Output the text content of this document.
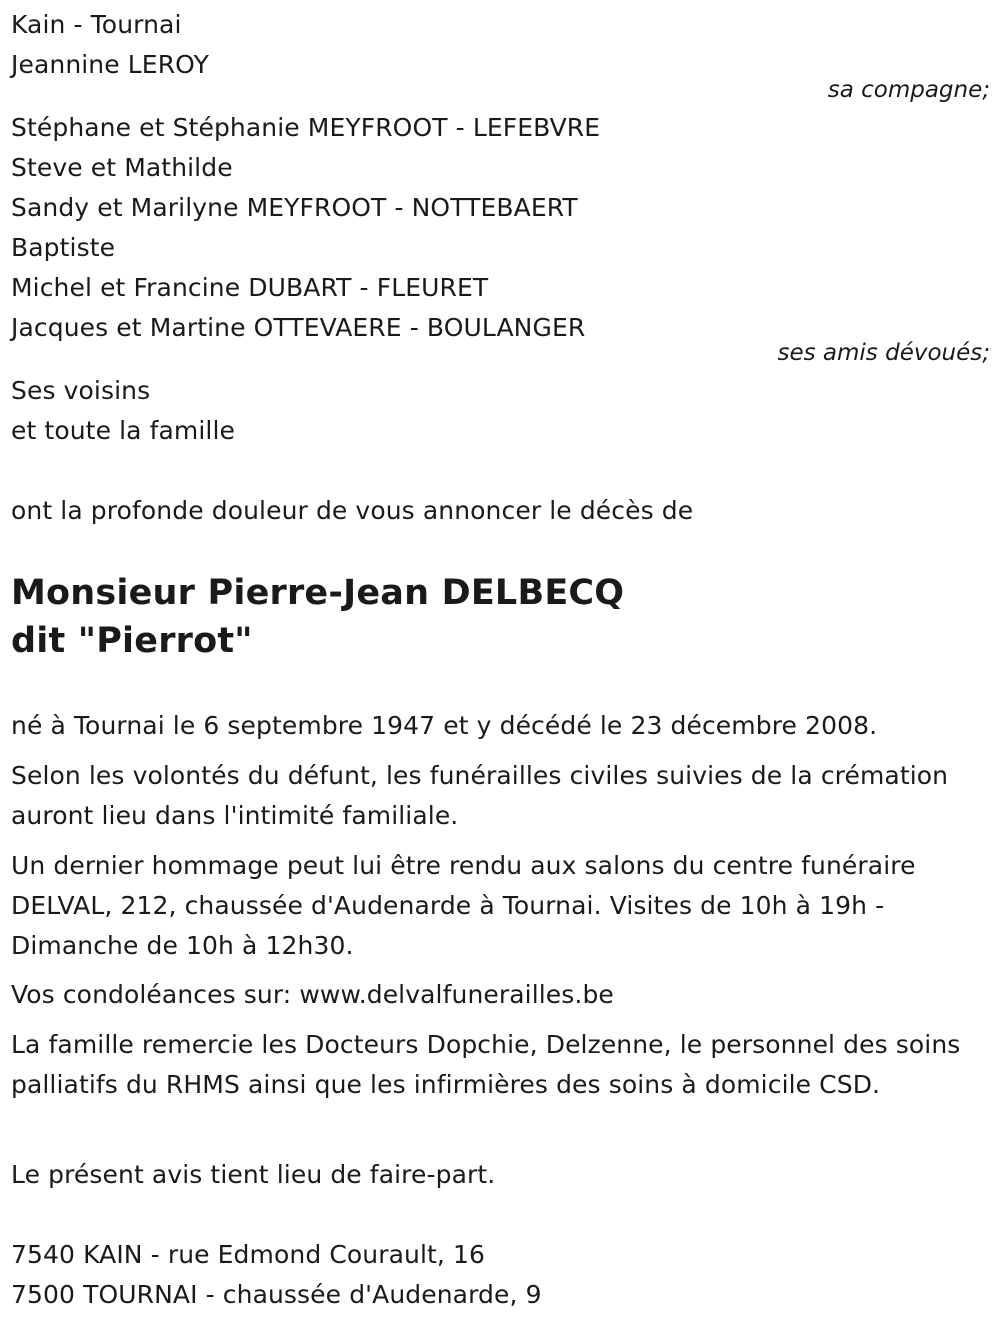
Kain - Tournai
Jeannine LEROY
sa compagne;
Stéphane et Stéphanie MEYFROOT - LEFEBVRE
Steve et Mathilde
Sandy et Marilyne MEYFROOT - NOTTEBAERT
Baptiste
Michel et Francine DUBART - FLEURET
Jacques et Martine OTTEVAERE - BOULANGER
ses amis dévoués;
Ses voisins
et toute la famille
ont la profonde douleur de vous annoncer le décès de
Monsieur Pierre-Jean DELBECQ
dit "Pierrot"
né à Tournai le 6 septembre 1947 et y décédé le 23 décembre 2008.
Selon les volontés du défunt, les funérailles civiles suivies de la crémation auront lieu dans l'intimité familiale.
Un dernier hommage peut lui être rendu aux salons du centre funéraire DELVAL, 212, chaussée d'Audenarde à Tournai. Visites de 10h à 19h - Dimanche de 10h à 12h30.
Vos condoléances sur: www.delvalfunerailles.be
La famille remercie les Docteurs Dopchie, Delzenne, le personnel des soins palliatifs du RHMS ainsi que les infirmières des soins à domicile CSD.
Le présent avis tient lieu de faire-part.
7540 KAIN - rue Edmond Courault, 16
7500 TOURNAI - chaussée d'Audenarde, 9
